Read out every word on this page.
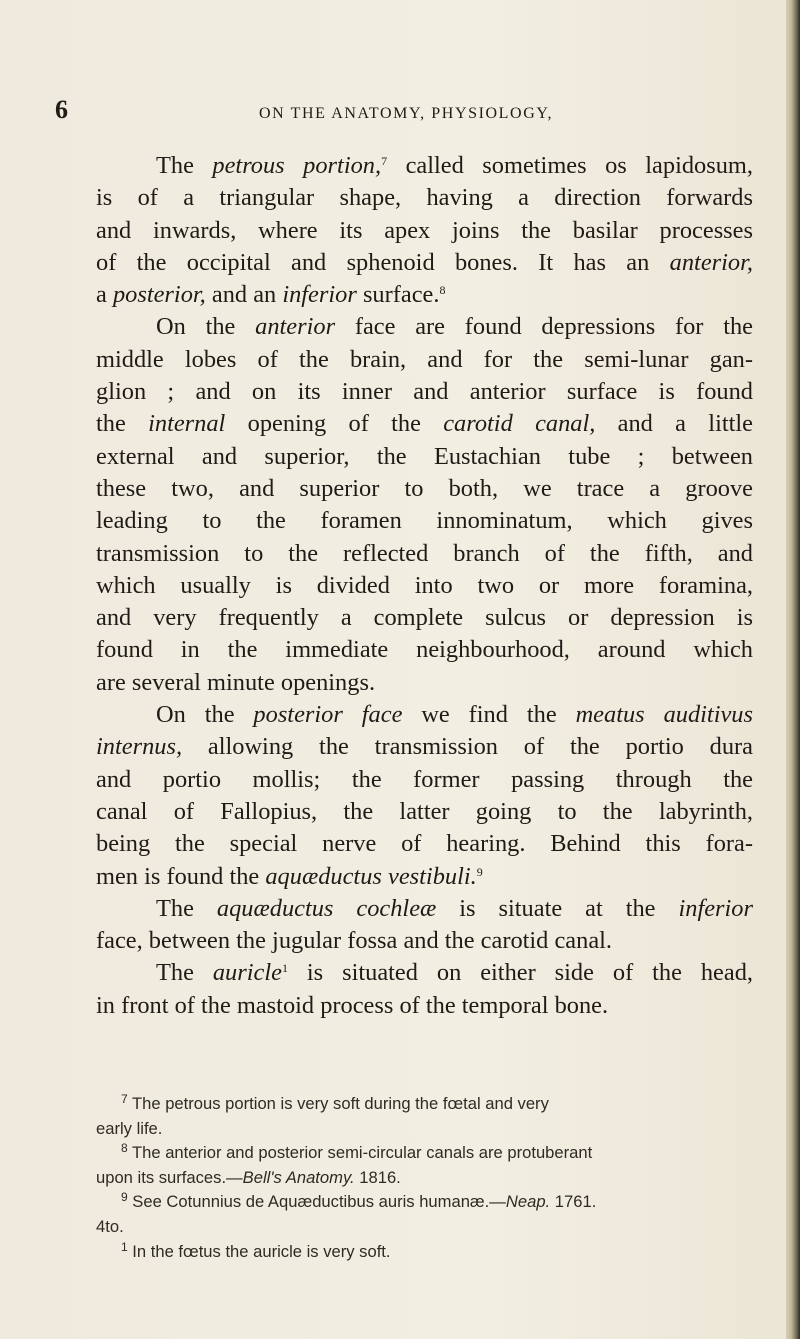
6	ON THE ANATOMY, PHYSIOLOGY,
The petrous portion,$^7$ called sometimes os lapidosum,
is of a triangular shape, having a direction forwards
and inwards, where its apex joins the basilar processes
of the occipital and sphenoid bones. It has an anterior,
a posterior, and an inferior surface.$^8$
On the anterior face are found depressions for the
middle lobes of the brain, and for the semi-lunar gan-
glion ; and on its inner and anterior surface is found
the internal opening of the carotid canal, and a little
external and superior, the Eustachian tube ; between
these two, and superior to both, we trace a groove
leading to the foramen innominatum, which gives
transmission to the reflected branch of the fifth, and
which usually is divided into two or more foramina,
and very frequently a complete sulcus or depression is
found in the immediate neighbourhood, around which
are several minute openings.
On the posterior face we find the meatus auditivus
internus, allowing the transmission of the portio dura
and portio mollis; the former passing through the
canal of Fallopius, the latter going to the labyrinth,
being the special nerve of hearing. Behind this fora-
men is found the aquæductus vestibuli.$^9$
The aquæductus cochleæ is situate at the inferior
face, between the jugular fossa and the carotid canal.
The auricle$^1$ is situated on either side of the head,
in front of the mastoid process of the temporal bone.
$^7$ The petrous portion is very soft during the fœtal and very
early life.
$^8$ The anterior and posterior semi-circular canals are protuberant
upon its surfaces.—Bell's Anatomy. 1816.
$^9$ See Cotunnius de Aquæductibus auris humanæ.—Neap. 1761.
4to.
$^1$ In the fœtus the auricle is very soft.
